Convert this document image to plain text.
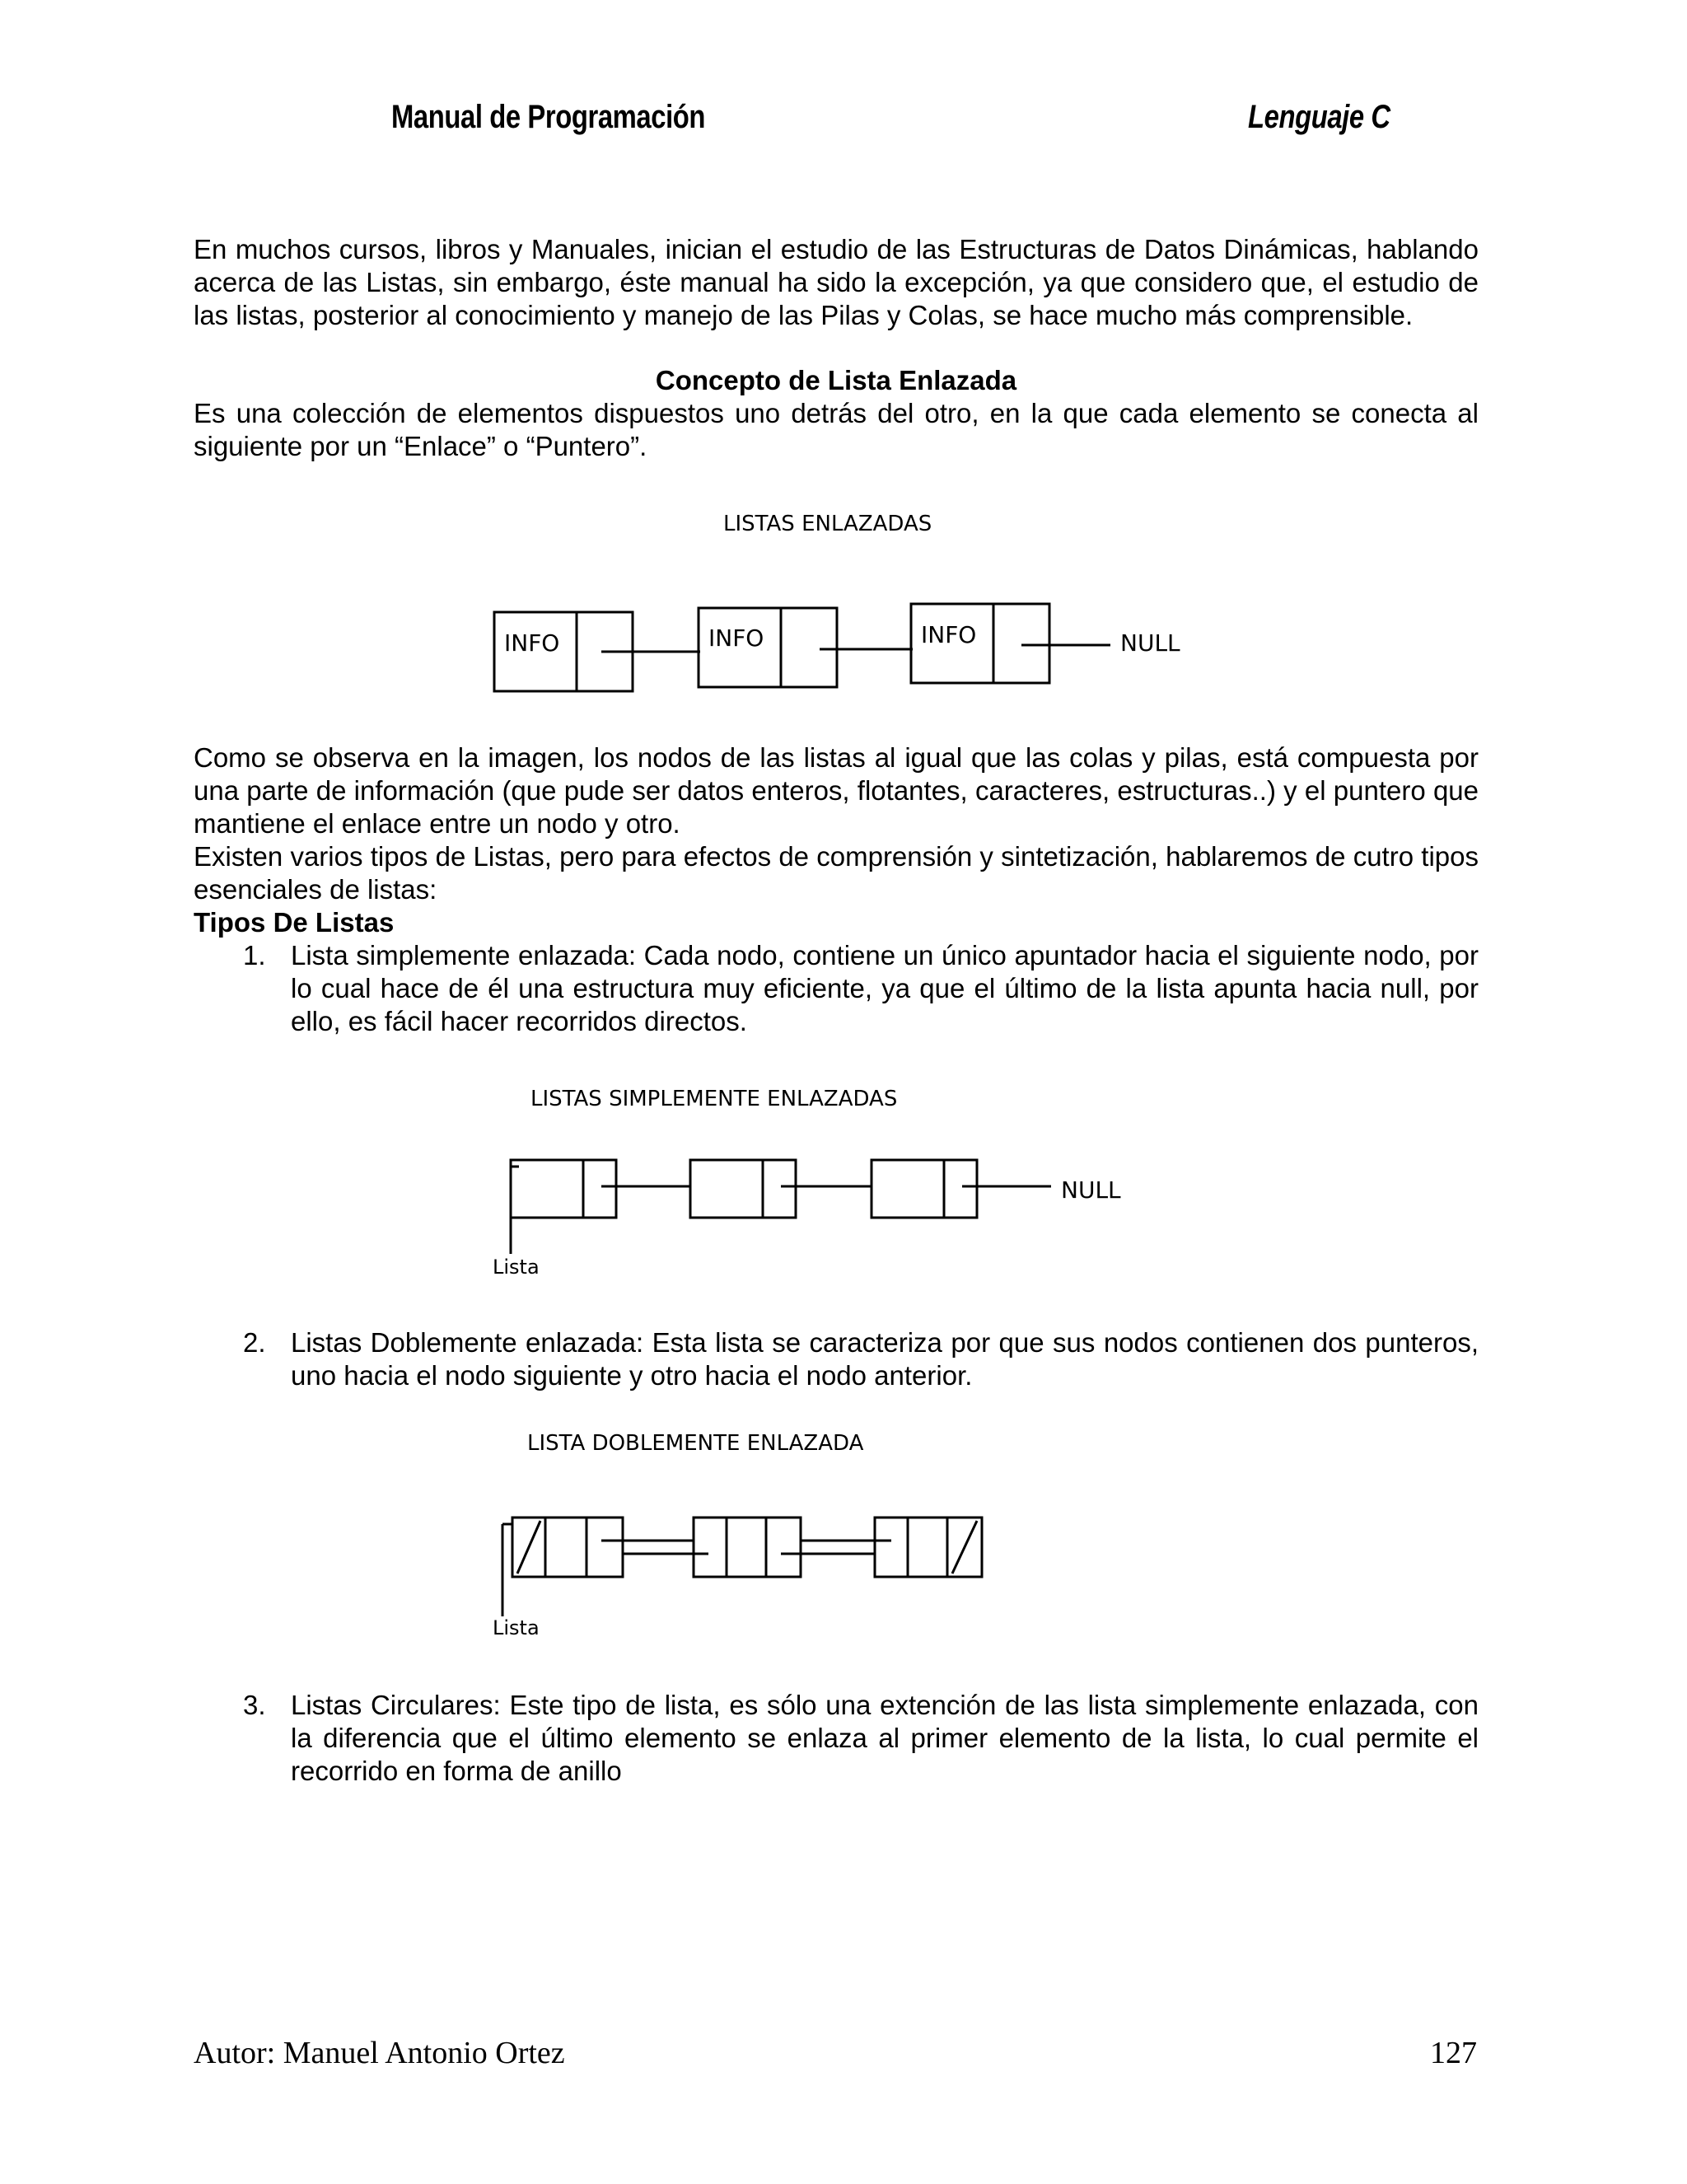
Manual de Programación	Lenguaje C

En muchos cursos, libros y Manuales, inician el estudio de las Estructuras de Datos Dinámicas, hablando acerca de las Listas, sin embargo, éste manual ha sido la excepción, ya que considero que, el estudio de las listas, posterior al conocimiento y manejo de las Pilas y Colas, se hace mucho más comprensible.

Concepto de Lista Enlazada

Es una colección de elementos dispuestos uno detrás del otro, en la que cada elemento se conecta al siguiente por un “Enlace” o “Puntero”.

LISTAS ENLAZADAS
INFO	INFO	INFO	NULL

Como se observa en la imagen, los nodos de las listas al igual que las colas y pilas, está compuesta por una parte de información (que pude ser datos enteros, flotantes, caracteres, estructuras..) y el puntero que mantiene el enlace entre un nodo y otro.

Existen varios tipos de Listas, pero para efectos de comprensión y sintetización, hablaremos de cutro tipos esenciales de listas:

Tipos De Listas
1. Lista simplemente enlazada: Cada nodo, contiene un único apuntador hacia el siguiente nodo, por lo cual hace de él una estructura muy eficiente, ya que el último de la lista apunta hacia null, por ello, es fácil hacer recorridos directos.

LISTAS SIMPLEMENTE ENLAZADAS
NULL
Lista
2. Listas Doblemente enlazada: Esta lista se caracteriza por que sus nodos contienen dos punteros, uno hacia el nodo siguiente y otro hacia el nodo anterior.

LISTA DOBLEMENTE ENLAZADA
Lista
3. Listas Circulares: Este tipo de lista, es sólo una extención de las lista simplemente enlazada, con la diferencia que el último elemento se enlaza al primer elemento de la lista, lo cual permite el recorrido en forma de anillo

Autor: Manuel Antonio Ortez	127
